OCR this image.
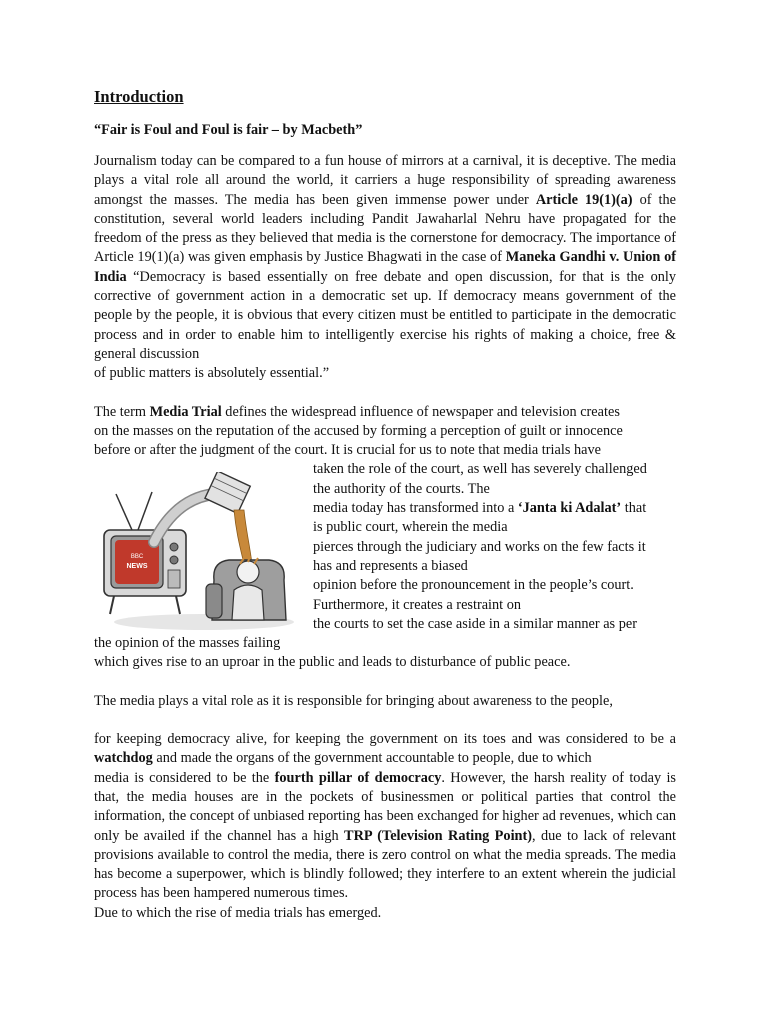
Introduction

“Fair is Foul and Foul is fair – by Macbeth”

Journalism today can be compared to a fun house of mirrors at a carnival, it is deceptive. The media plays a vital role all around the world, it carriers a huge responsibility of spreading awareness amongst the masses. The media has been given immense power under Article 19(1)(a) of the constitution, several world leaders including Pandit Jawaharlal Nehru have propagated for the freedom of the press as they believed that media is the cornerstone for democracy. The importance of Article 19(1)(a) was given emphasis by Justice Bhagwati in the case of Maneka Gandhi v. Union of India “Democracy is based essentially on free debate and open discussion, for that is the only corrective of government action in a democratic set up. If democracy means government of the people by the people, it is obvious that every citizen must be entitled to participate in the democratic process and in order to enable him to intelligently exercise his rights of making a choice, free & general discussion
of public matters is absolutely essential.”

The term Media Trial defines the widespread influence of newspaper and television creates
on the masses on the reputation of the accused by forming a perception of guilt or innocence
before or after the judgment of the court. It is crucial for us to note that media trials have
taken the role of the court, as well has severely challenged
the authority of the courts. The
media today has transformed into a ‘Janta ki Adalat’ that
is public court, wherein the media
pierces through the judiciary and works on the few facts it
has and represents a biased
opinion before the pronouncement in the people’s court.
Furthermore, it creates a restraint on
the courts to set the case aside in a similar manner as per
the opinion of the masses failing
which gives rise to an uproar in the public and leads to disturbance of public peace.

The media plays a vital role as it is responsible for bringing about awareness to the people,

for keeping democracy alive, for keeping the government on its toes and was considered to be a watchdog and made the organs of the government accountable to people, due to which
media is considered to be the fourth pillar of democracy. However, the harsh reality of today is that, the media houses are in the pockets of businessmen or political parties that control the information, the concept of unbiased reporting has been exchanged for higher ad revenues, which can only be availed if the channel has a high TRP (Television Rating Point), due to lack of relevant provisions available to control the media, there is zero control on what the media spreads. The media has become a superpower, which is blindly followed; they interfere to an extent wherein the judicial process has been hampered numerous times.
Due to which the rise of media trials has emerged.

BBC
NEWS
